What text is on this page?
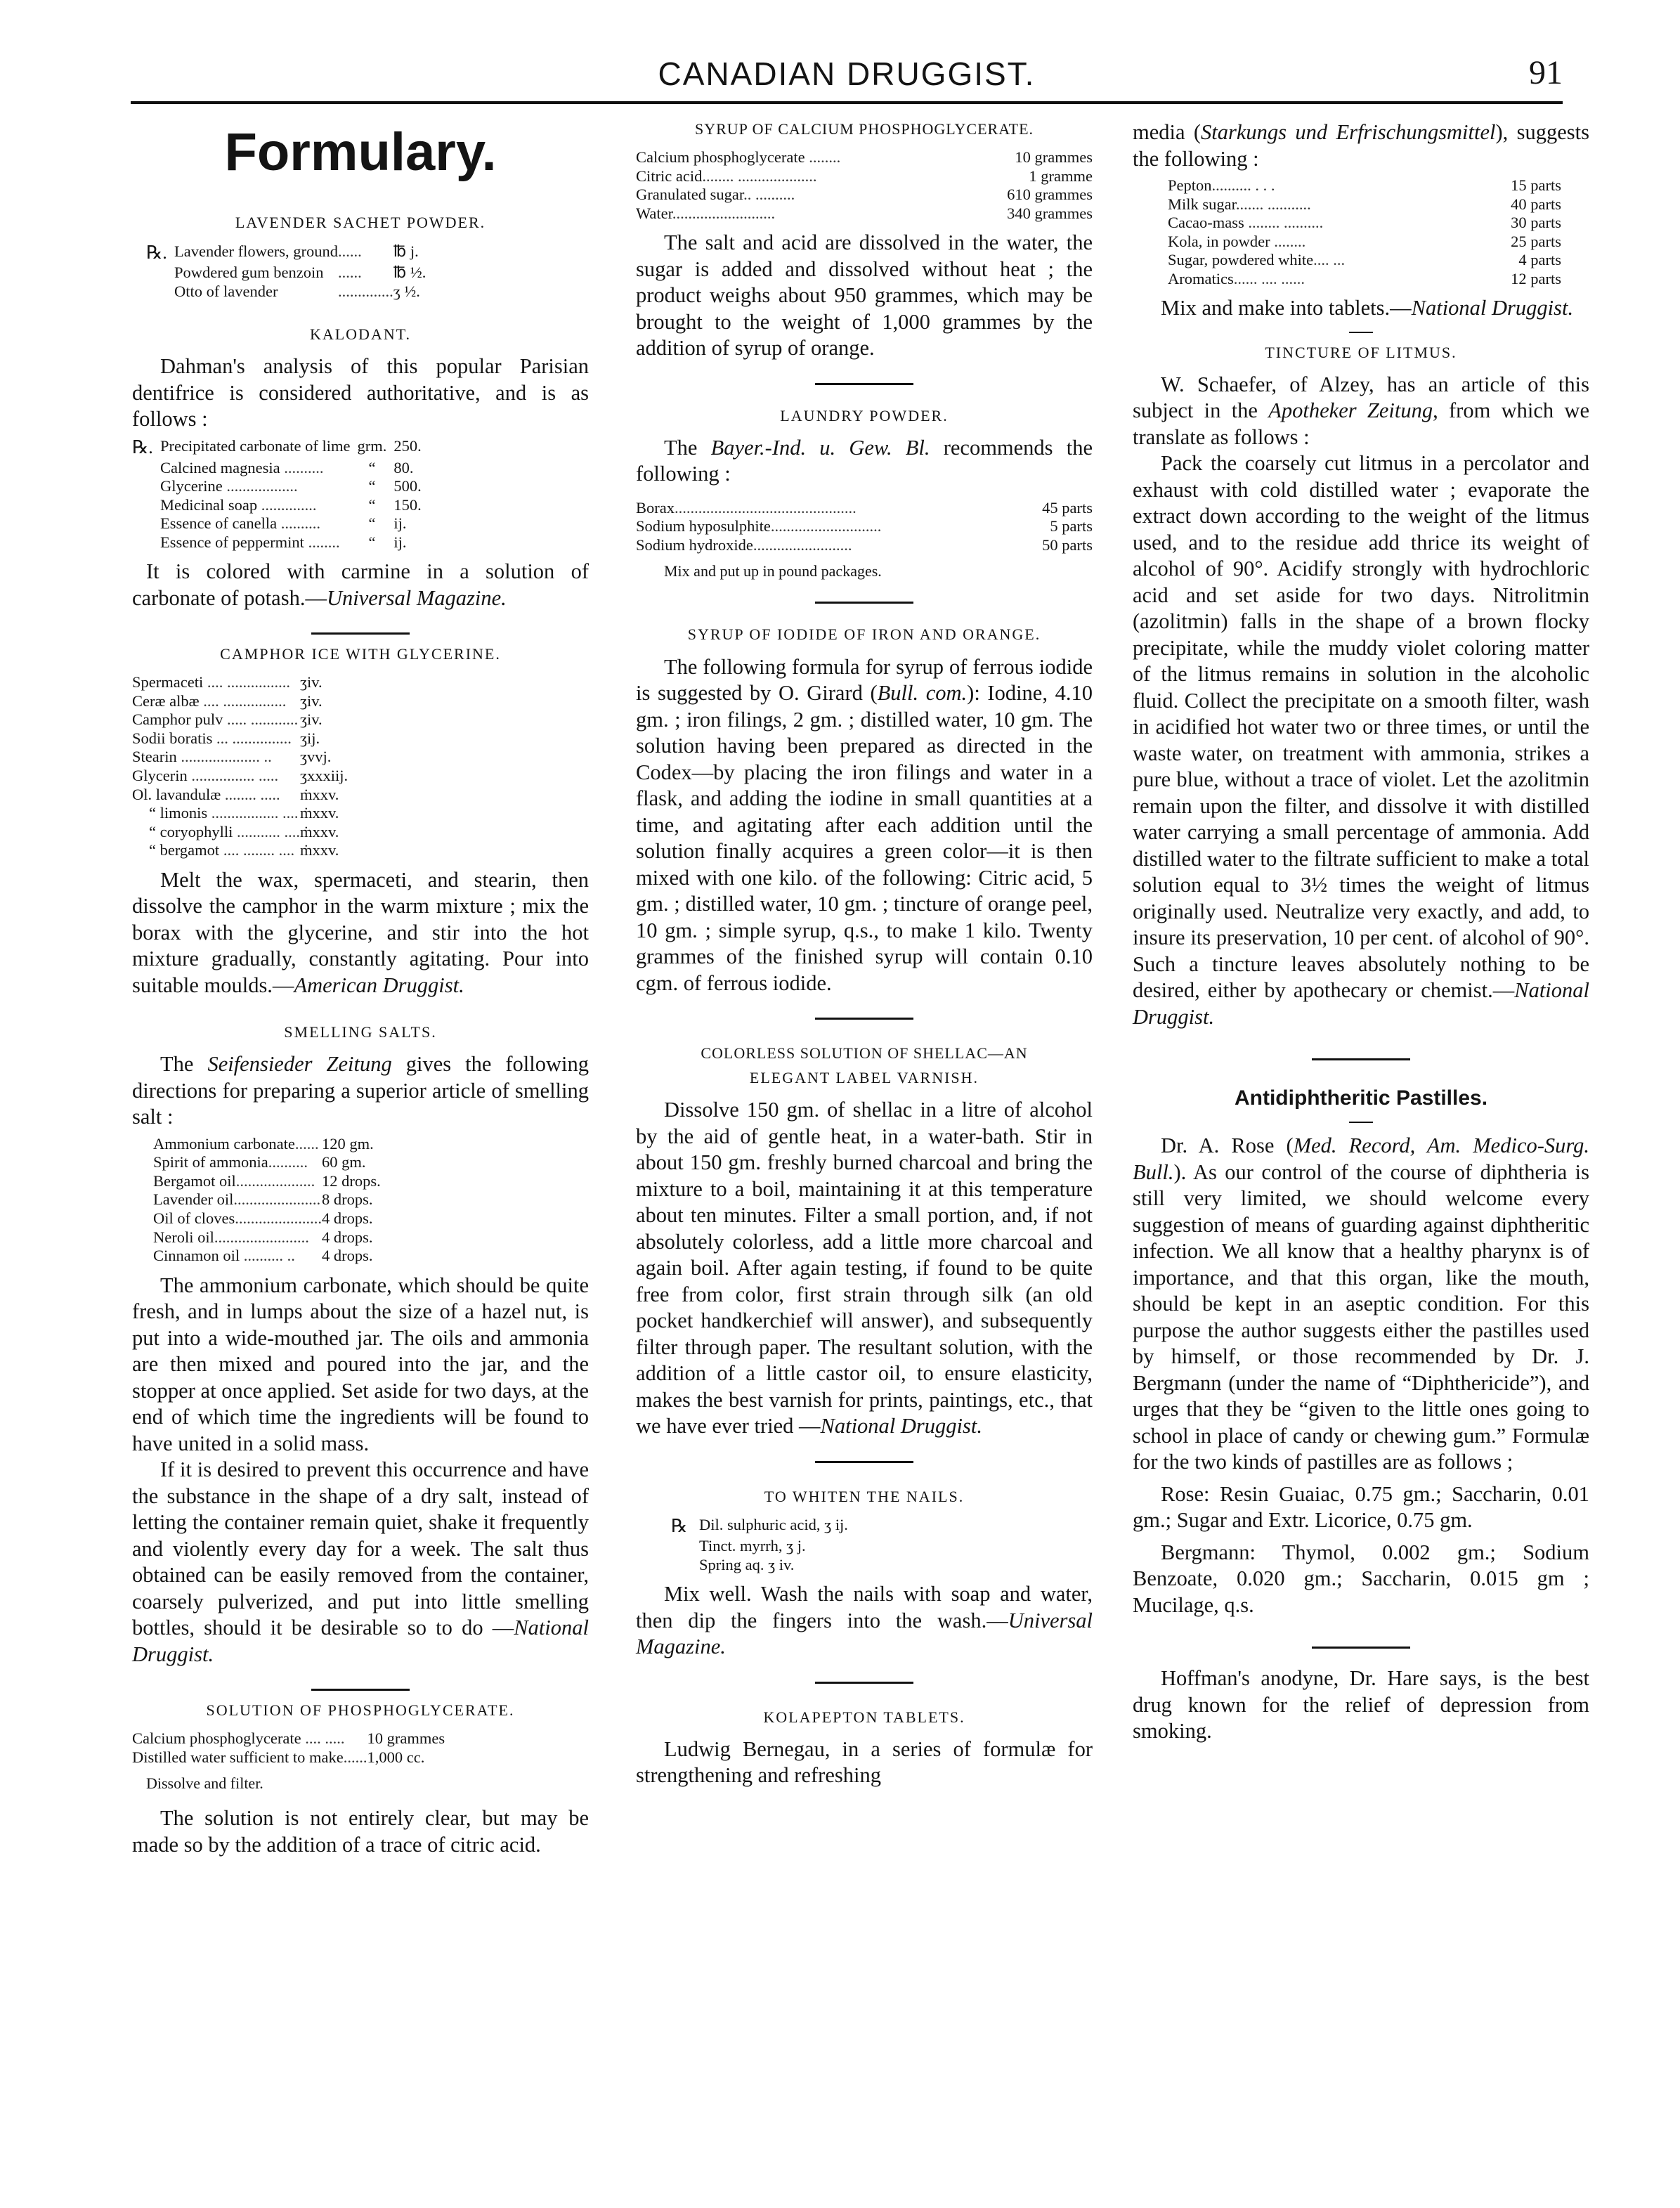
CANADIAN DRUGGIST.	91
Formulary.
LAVENDER SACHET POWDER.
℞.	Lavender flowers, ground	......	℔ j.
	Powdered gum benzoin	......	℔ ½.
	Otto of lavender	..............	ʒ ½.
KALODANT.

Dahman's analysis of this popular Parisian dentifrice is considered authoritative, and is as follows :

℞.	Precipitated carbonate of lime	grm.	250.
	Calcined magnesia ..........	“	80.
	Glycerine ..................	“	500.
	Medicinal soap ..............	“	150.
	Essence of canella ..........	“	ij.
	Essence of peppermint ........	“	ij.

It is colored with carmine in a solution of carbonate of potash.—Universal Magazine.

CAMPHOR ICE WITH GLYCERINE.
Spermaceti .... ................	ʒiv.
Ceræ albæ .... ................	ʒiv.
Camphor pulv ..... ............	ʒiv.
Sodii boratis ... ...............	ʒij.
Stearin .................... ..	ʒvvj.
Glycerin ................ .....	ʒxxxiij.
Ol. lavandulæ ........ .....	ṁxxv.
“ limonis ................. ....	ṁxxv.
“ coryophylli ........... ....	ṁxxv.
“ bergamot .... ........ ....	ṁxxv.

Melt the wax, spermaceti, and stearin, then dissolve the camphor in the warm mixture ; mix the borax with the glycerine, and stir into the hot mixture gradually, constantly agitating. Pour into suitable moulds.—American Druggist.

SMELLING SALTS.

The Seifensieder Zeitung gives the following directions for preparing a superior article of smelling salt :

Ammonium carbonate......	120 gm.
Spirit of ammonia..........	60 gm.
Bergamot oil....................	12 drops.
Lavender oil......................	8 drops.
Oil of cloves......................	4 drops.
Neroli oil........................	4 drops.
Cinnamon oil .......... ..	4 drops.

The ammonium carbonate, which should be quite fresh, and in lumps about the size of a hazel nut, is put into a wide-mouthed jar. The oils and ammonia are then mixed and poured into the jar, and the stopper at once applied. Set aside for two days, at the end of which time the ingredients will be found to have united in a solid mass.

If it is desired to prevent this occurrence and have the substance in the shape of a dry salt, instead of letting the container remain quiet, shake it frequently and violently every day for a week. The salt thus obtained can be easily removed from the container, coarsely pulverized, and put into little smelling bottles, should it be desirable so to do —National Druggist.

SOLUTION OF PHOSPHOGLYCERATE.
Calcium phosphoglycerate .... .....	10 grammes
Distilled water sufficient to make......	1,000 cc.
Dissolve and filter.

The solution is not entirely clear, but may be made so by the addition of a trace of citric acid.

SYRUP OF CALCIUM PHOSPHOGLYCERATE.
Calcium phosphoglycerate ........	10 grammes
Citric acid........ ....................	1 gramme
Granulated sugar.. ..........	610 grammes
Water..........................	340 grammes

The salt and acid are dissolved in the water, the sugar is added and dissolved without heat ; the product weighs about 950 grammes, which may be brought to the weight of 1,000 grammes by the addition of syrup of orange.

LAUNDRY POWDER.

The Bayer.-Ind. u. Gew. Bl. recommends the following :

Borax..............................................	45 parts
Sodium hyposulphite............................	5 parts
Sodium hydroxide.........................	50 parts
Mix and put up in pound packages.
SYRUP OF IODIDE OF IRON AND ORANGE.

The following formula for syrup of ferrous iodide is suggested by O. Girard (Bull. com.): Iodine, 4.10 gm. ; iron filings, 2 gm. ; distilled water, 10 gm. The solution having been prepared as directed in the Codex—by placing the iron filings and water in a flask, and adding the iodine in small quantities at a time, and agitating after each addition until the solution finally acquires a green color—it is then mixed with one kilo. of the following: Citric acid, 5 gm. ; distilled water, 10 gm. ; tincture of orange peel, 10 gm. ; simple syrup, q.s., to make 1 kilo. Twenty grammes of the finished syrup will contain 0.10 cgm. of ferrous iodide.

COLORLESS SOLUTION OF SHELLAC—AN
ELEGANT LABEL VARNISH.

Dissolve 150 gm. of shellac in a litre of alcohol by the aid of gentle heat, in a water-bath. Stir in about 150 gm. freshly burned charcoal and bring the mixture to a boil, maintaining it at this temperature about ten minutes. Filter a small portion, and, if not absolutely colorless, add a little more charcoal and again boil. After again testing, if found to be quite free from color, first strain through silk (an old pocket handkerchief will answer), and subsequently filter through paper. The resultant solution, with the addition of a little castor oil, to ensure elasticity, makes the best varnish for prints, paintings, etc., that we have ever tried —National Druggist.

TO WHITEN THE NAILS.
℞	Dil. sulphuric acid, ʒ ij.
	Tinct. myrrh, ʒ j.
	Spring aq. ʒ iv.

Mix well. Wash the nails with soap and water, then dip the fingers into the wash.—Universal Magazine.

KOLAPEPTON TABLETS.

Ludwig Bernegau, in a series of formulæ for strengthening and refreshing

media (Starkungs und Erfrischungsmittel), suggests the following :

Pepton.......... . . .	15 parts
Milk sugar....... ...........	40 parts
Cacao-mass ........ ..........	30 parts
Kola, in powder ........	25 parts
Sugar, powdered white.... ...	4 parts
Aromatics...... .... ......	12 parts

Mix and make into tablets.—National Druggist.

TINCTURE OF LITMUS.

W. Schaefer, of Alzey, has an article of this subject in the Apotheker Zeitung, from which we translate as follows :

Pack the coarsely cut litmus in a percolator and exhaust with cold distilled water ; evaporate the extract down according to the weight of the litmus used, and to the residue add thrice its weight of alcohol of 90°. Acidify strongly with hydrochloric acid and set aside for two days. Nitrolitmin (azolitmin) falls in the shape of a brown flocky precipitate, while the muddy violet coloring matter of the litmus remains in solution in the alcoholic fluid. Collect the precipitate on a smooth filter, wash in acidified hot water two or three times, or until the waste water, on treatment with ammonia, strikes a pure blue, without a trace of violet. Let the azolitmin remain upon the filter, and dissolve it with distilled water carrying a small percentage of ammonia. Add distilled water to the filtrate sufficient to make a total solution equal to 3½ times the weight of litmus originally used. Neutralize very exactly, and add, to insure its preservation, 10 per cent. of alcohol of 90°. Such a tincture leaves absolutely nothing to be desired, either by apothecary or chemist.—National Druggist.

Antidiphtheritic Pastilles.

Dr. A. Rose (Med. Record, Am. Medico-Surg. Bull.). As our control of the course of diphtheria is still very limited, we should welcome every suggestion of means of guarding against diphtheritic infection. We all know that a healthy pharynx is of importance, and that this organ, like the mouth, should be kept in an aseptic condition. For this purpose the author suggests either the pastilles used by himself, or those recommended by Dr. J. Bergmann (under the name of “Diphthericide”), and urges that they be “given to the little ones going to school in place of candy or chewing gum.” Formulæ for the two kinds of pastilles are as follows ;

Rose: Resin Guaiac, 0.75 gm.; Saccharin, 0.01 gm.; Sugar and Extr. Licorice, 0.75 gm.

Bergmann: Thymol, 0.002 gm.; Sodium Benzoate, 0.020 gm.; Saccharin, 0.015 gm ; Mucilage, q.s.

Hoffman's anodyne, Dr. Hare says, is the best drug known for the relief of depression from smoking.
